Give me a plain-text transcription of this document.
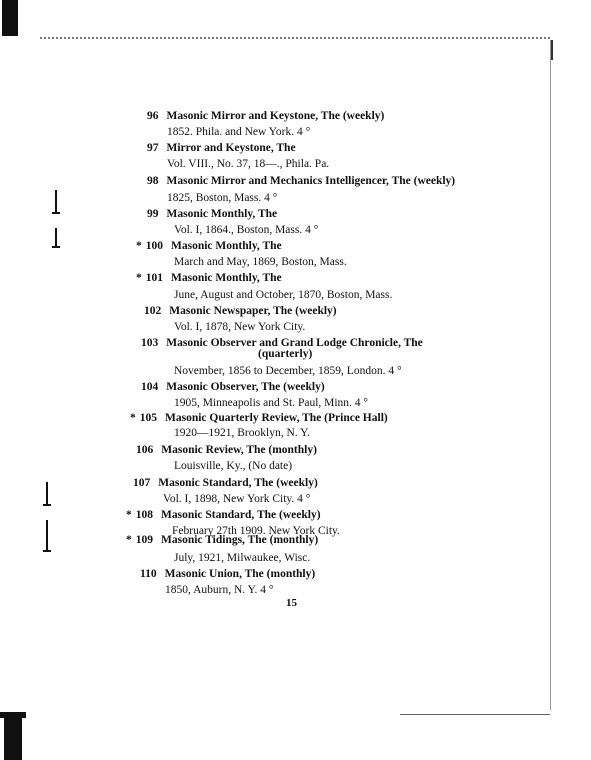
96 Masonic Mirror and Keystone, The (weekly)
1852. Phila. and New York. 4 °
97 Mirror and Keystone, The
Vol. VIII., No. 37, 18—., Phila. Pa.
98 Masonic Mirror and Mechanics Intelligencer, The (weekly)
1825, Boston, Mass. 4 °
99 Masonic Monthly, The
Vol. I, 1864., Boston, Mass. 4 °
* 100 Masonic Monthly, The
March and May, 1869, Boston, Mass.
* 101 Masonic Monthly, The
June, August and October, 1870, Boston, Mass.
102 Masonic Newspaper, The (weekly)
Vol. I, 1878, New York City.
103 Masonic Observer and Grand Lodge Chronicle, The
(quarterly)
November, 1856 to December, 1859, London. 4 °
104 Masonic Observer, The (weekly)
1905, Minneapolis and St. Paul, Minn. 4 °
* 105 Masonic Quarterly Review, The (Prince Hall)
1920—1921, Brooklyn, N. Y.
106 Masonic Review, The (monthly)
Louisville, Ky., (No date)
107 Masonic Standard, The (weekly)
Vol. I, 1898, New York City. 4 °
* 108 Masonic Standard, The (weekly)
February 27th 1909. New York City.
* 109 Masonic Tidings, The (monthly)
July, 1921, Milwaukee, Wisc.
110 Masonic Union, The (monthly)
1850, Auburn, N. Y. 4 °
15
